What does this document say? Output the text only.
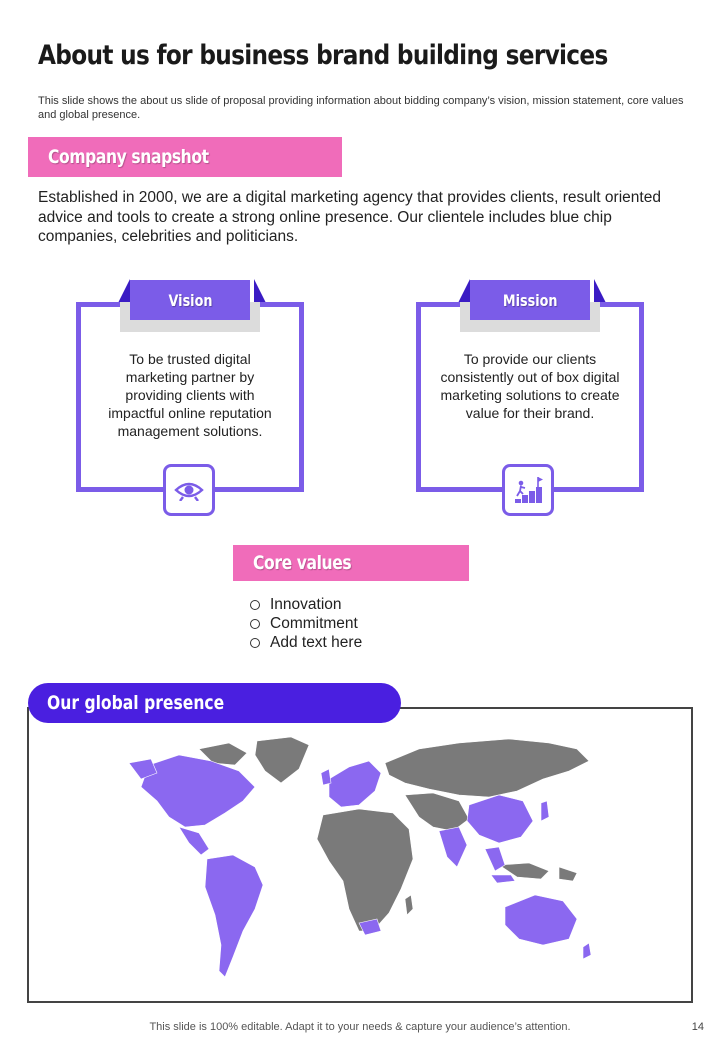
About us for business brand building services
This slide shows the about us slide of proposal providing information about bidding company’s vision, mission statement, core values and global presence.
Company snapshot
Established in 2000, we are a digital marketing agency that provides clients, result oriented advice and tools to create a strong online presence. Our clientele includes blue chip companies, celebrities and politicians.
Vision
To be trusted digital marketing partner by providing clients with impactful online reputation management solutions.
Mission
To provide our clients consistently out of box digital marketing solutions to create value for their brand.
Core values
Innovation
Commitment
Add text here
Our global presence
This slide is 100% editable. Adapt it to your needs & capture your audience’s attention.	14
